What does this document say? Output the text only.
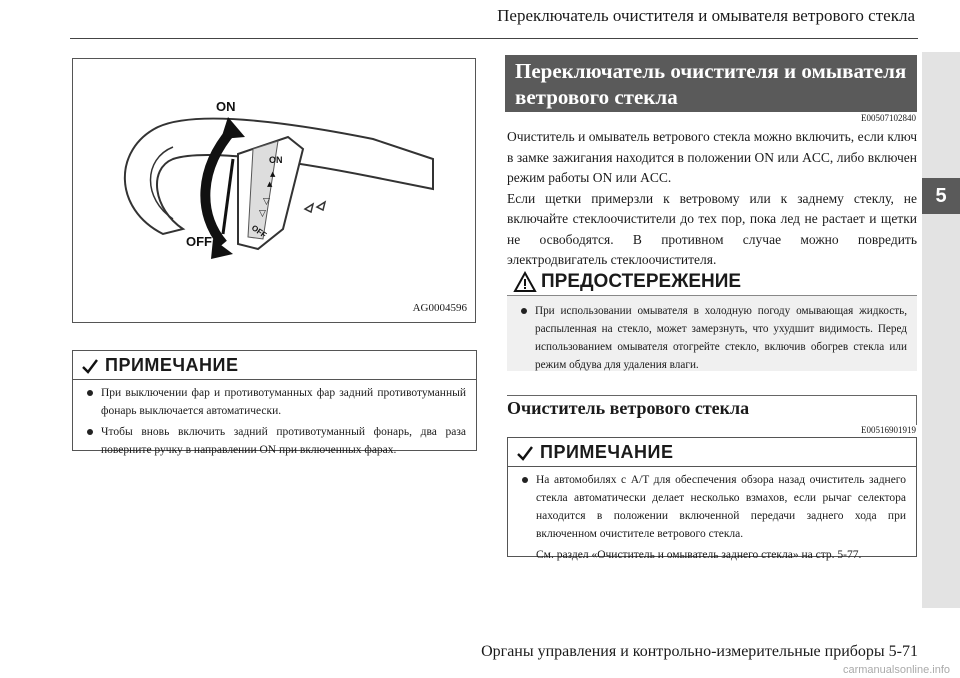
Переключатель очистителя и омывателя ветрового стекла
5
ON
▲
▲
▽
▽
OFF
ON
OFF
AG0004596
ПРИМЕЧАНИЕ
При выключении фар и противотуманных фар задний противотуманный фонарь выключается автоматически.
Чтобы вновь включить задний противотуманный фонарь, два раза поверните ручку в направлении ON при включенных фарах.
Переключатель очистителя и омывателя ветрового стекла
E00507102840

Очиститель и омыватель ветрового стекла можно включить, если ключ в замке зажигания находится в положении ON или ACC, либо включен режим работы ON или ACC.

Если щетки примерзли к ветровому или к заднему стеклу, не включайте стеклоочистители до тех пор, пока лед не растает и щетки не освободятся. В противном случае можно повредить электродвигатель стеклоочистителя.

ПРЕДОСТЕРЕЖЕНИЕ
При использовании омывателя в холодную погоду омывающая жидкость, распыленная на стекло, может замерзнуть, что ухудшит видимость. Перед использованием омывателя отогрейте стекло, включив обогрев стекла или режим обдува для удаления влаги.
Очиститель ветрового стекла
E00516901919
ПРИМЕЧАНИЕ
На автомобилях с A/T для обеспечения обзора назад очиститель заднего стекла автоматически делает несколько взмахов, если рычаг селектора находится в положении включенной передачи заднего хода при включенном очистителе ветрового стекла.
См. раздел «Очиститель и омыватель заднего стекла» на стр. 5-77.
Органы управления и контрольно-измерительные приборы 5-71
carmanualsonline.info
